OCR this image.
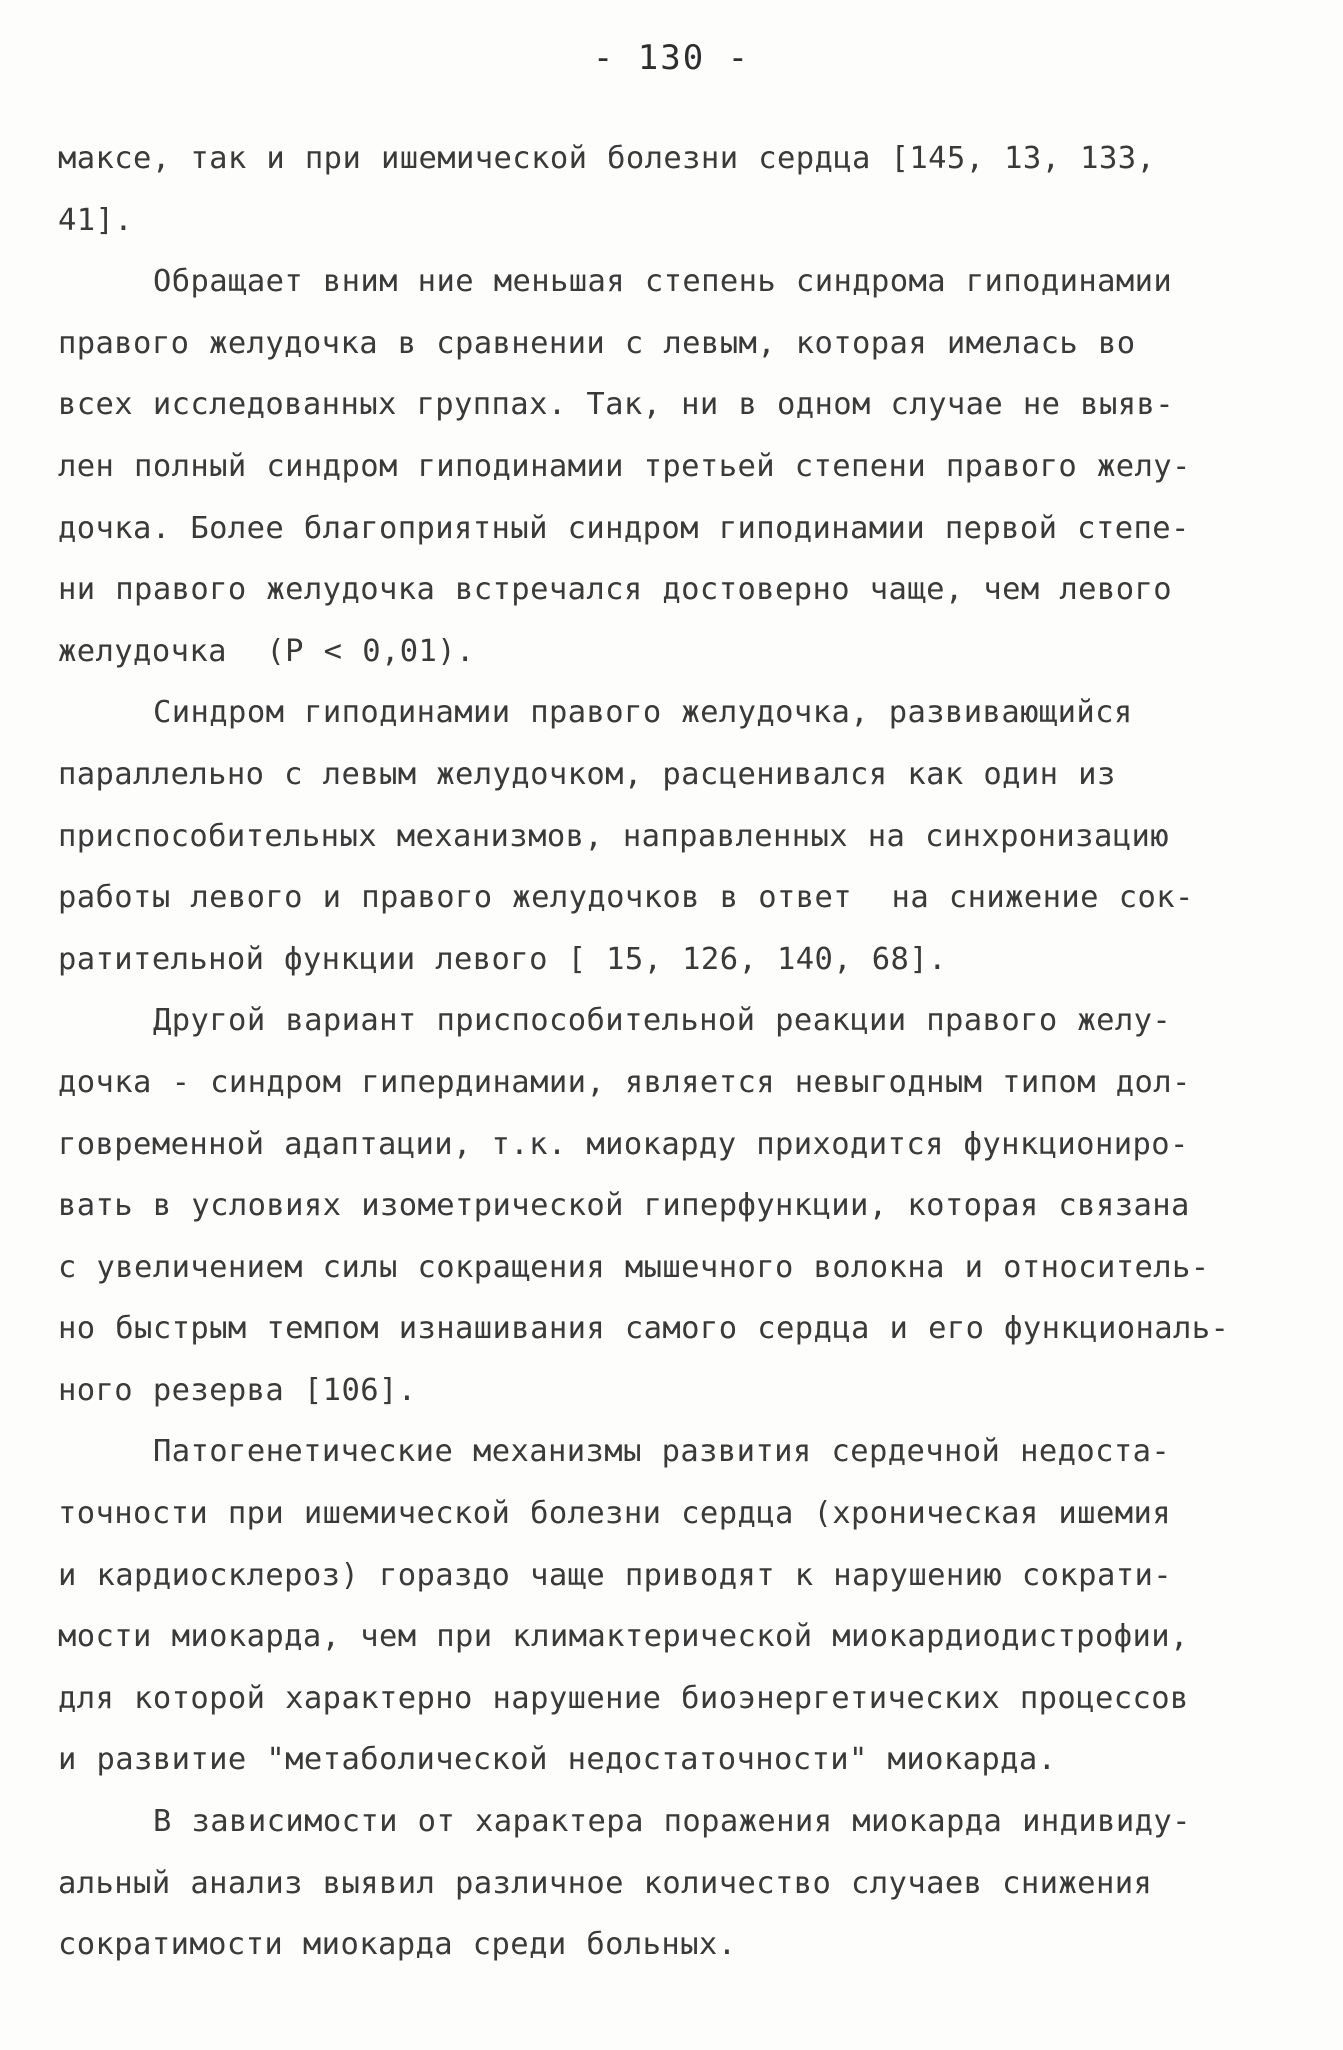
- 130 -
максе, так и при ишемической болезни сердца [145, 13, 133,
41].
Обращает вним ние меньшая степень синдрома гиподинамии
правого желудочка в сравнении с левым, которая имелась во
всех исследованных группах. Так, ни в одном случае не выяв-
лен полный синдром гиподинамии третьей степени правого желу-
дочка. Более благоприятный синдром гиподинамии первой степе-
ни правого желудочка встречался достоверно чаще, чем левого
желудочка  (P < 0,01).
Синдром гиподинамии правого желудочка, развивающийся
параллельно с левым желудочком, расценивался как один из
приспособительных механизмов, направленных на синхронизацию
работы левого и правого желудочков в ответ  на снижение сок-
ратительной функции левого [ 15, 126, 140, 68].
Другой вариант приспособительной реакции правого желу-
дочка - синдром гипердинамии, является невыгодным типом дол-
говременной адаптации, т.к. миокарду приходится функциониро-
вать в условиях изометрической гиперфункции, которая связана
с увеличением силы сокращения мышечного волокна и относитель-
но быстрым темпом изнашивания самого сердца и его функциональ-
ного резерва [106].
Патогенетические механизмы развития сердечной недоста-
точности при ишемической болезни сердца (хроническая ишемия
и кардиосклероз) гораздо чаще приводят к нарушению сократи-
мости миокарда, чем при климактерической миокардиодистрофии,
для которой характерно нарушение биоэнергетических процессов
и развитие "метаболической недостаточности" миокарда.
В зависимости от характера поражения миокарда индивиду-
альный анализ выявил различное количество случаев снижения
сократимости миокарда среди больных.
